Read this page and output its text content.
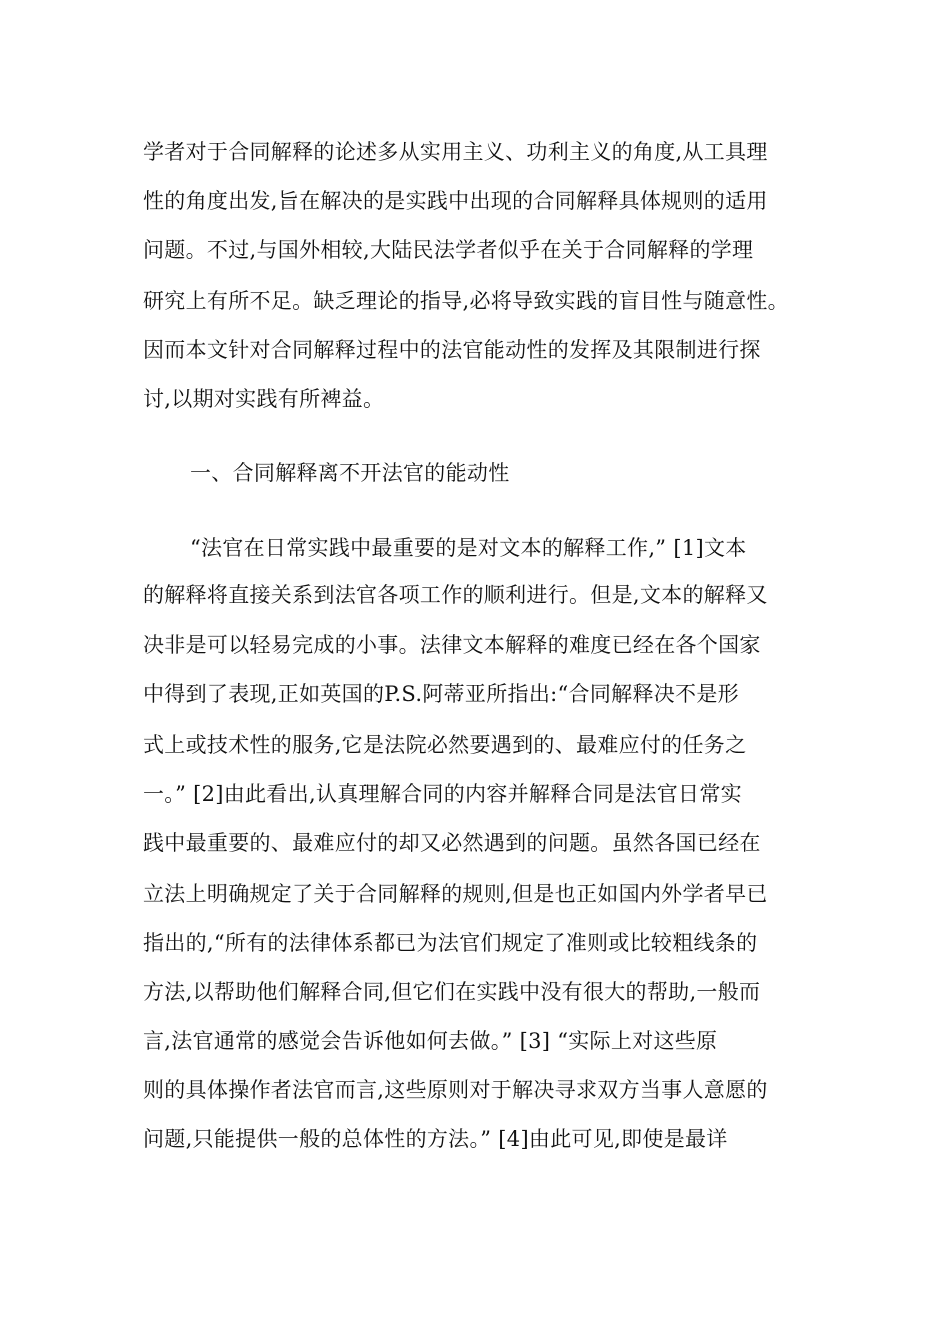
学者对于合同解释的论述多从实用主义、功利主义的角度,从工具理
性的角度出发,旨在解决的是实践中出现的合同解释具体规则的适用
问题。不过,与国外相较,大陆民法学者似乎在关于合同解释的学理
研究上有所不足。缺乏理论的指导,必将导致实践的盲目性与随意性。
因而本文针对合同解释过程中的法官能动性的发挥及其限制进行探
讨,以期对实践有所裨益。
一、合同解释离不开法官的能动性
“法官在日常实践中最重要的是对文本的解释工作,” [1]文本
的解释将直接关系到法官各项工作的顺利进行。但是,文本的解释又
决非是可以轻易完成的小事。法律文本解释的难度已经在各个国家
中得到了表现,正如英国的P.S.阿蒂亚所指出:“合同解释决不是形
式上或技术性的服务,它是法院必然要遇到的、最难应付的任务之
一。” [2]由此看出,认真理解合同的内容并解释合同是法官日常实
践中最重要的、最难应付的却又必然遇到的问题。虽然各国已经在
立法上明确规定了关于合同解释的规则,但是也正如国内外学者早已
指出的,“所有的法律体系都已为法官们规定了准则或比较粗线条的
方法,以帮助他们解释合同,但它们在实践中没有很大的帮助,一般而
言,法官通常的感觉会告诉他如何去做。” [3] “实际上对这些原
则的具体操作者法官而言,这些原则对于解决寻求双方当事人意愿的
问题,只能提供一般的总体性的方法。” [4]由此可见,即使是最详
